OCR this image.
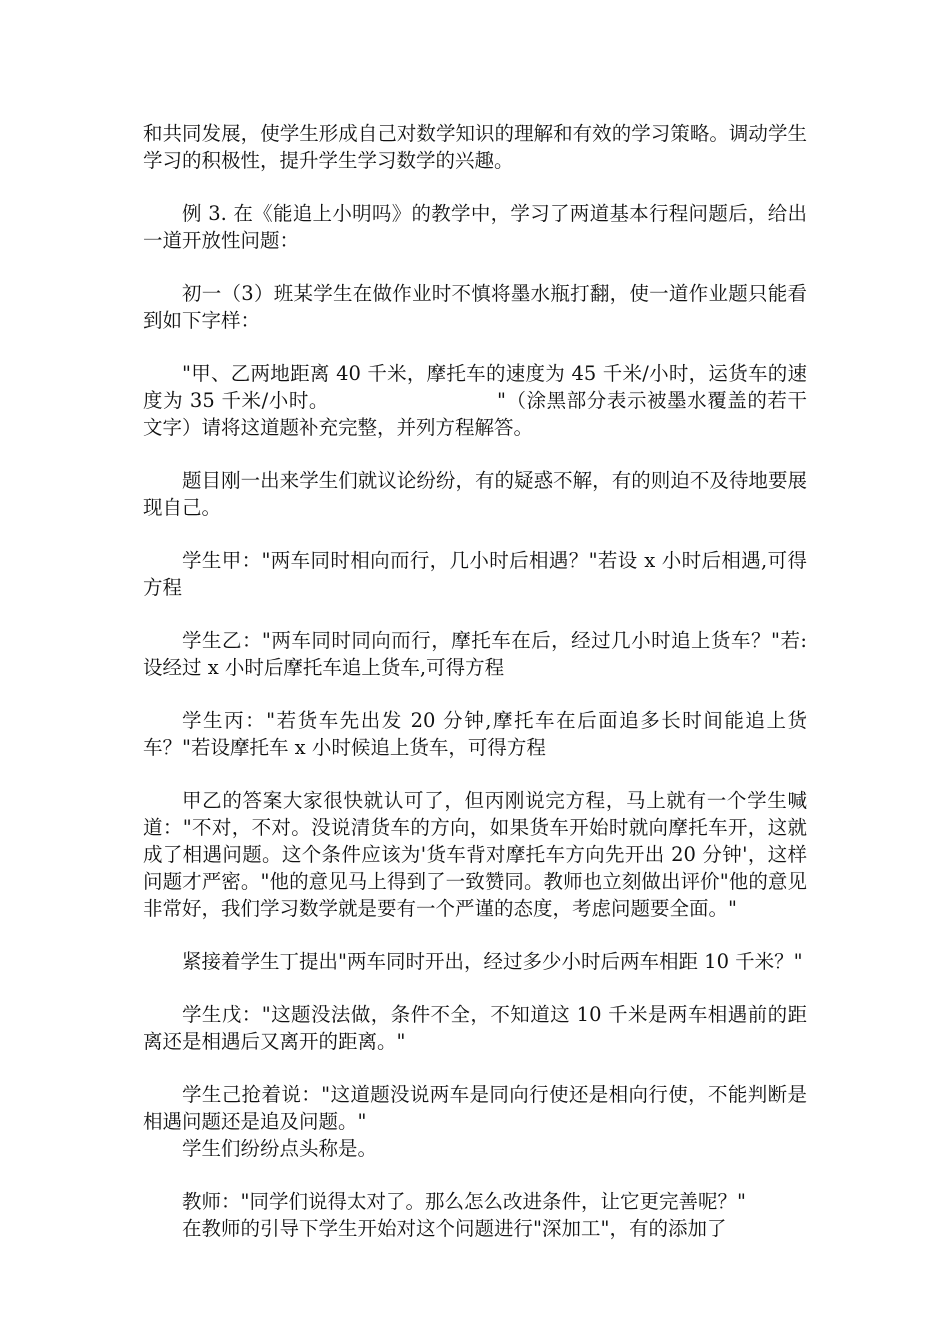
和共同发展，使学生形成自己对数学知识的理解和有效的学习策略。调动学生学习的积极性，提升学生学习数学的兴趣。

例 3. 在《能追上小明吗》的教学中，学习了两道基本行程问题后，给出一道开放性问题：

初一（3）班某学生在做作业时不慎将墨水瓶打翻，使一道作业题只能看到如下字样：

"甲、乙两地距离 40 千米，摩托车的速度为 45 千米/小时，运货车的速度为 35 千米/小时。	"（涂黑部分表示被墨水覆盖的若干文字）请将这道题补充完整，并列方程解答。

题目刚一出来学生们就议论纷纷，有的疑惑不解，有的则迫不及待地要展现自己。

学生甲："两车同时相向而行，几小时后相遇？"若设 x 小时后相遇,可得方程

学生乙："两车同时同向而行，摩托车在后，经过几小时追上货车？"若:设经过 x 小时后摩托车追上货车,可得方程

学生丙："若货车先出发 20 分钟,摩托车在后面追多长时间能追上货车？"若设摩托车 x 小时候追上货车，可得方程

甲乙的答案大家很快就认可了，但丙刚说完方程，马上就有一个学生喊道："不对，不对。没说清货车的方向，如果货车开始时就向摩托车开，这就成了相遇问题。这个条件应该为'货车背对摩托车方向先开出 20 分钟'，这样问题才严密。"他的意见马上得到了一致赞同。教师也立刻做出评价"他的意见非常好，我们学习数学就是要有一个严谨的态度，考虑问题要全面。"

紧接着学生丁提出"两车同时开出，经过多少小时后两车相距 10 千米？"

学生戊："这题没法做，条件不全，不知道这 10 千米是两车相遇前的距离还是相遇后又离开的距离。"

学生己抢着说："这道题没说两车是同向行使还是相向行使，不能判断是相遇问题还是追及问题。"

学生们纷纷点头称是。

教师："同学们说得太对了。那么怎么改进条件，让它更完善呢？"

在教师的引导下学生开始对这个问题进行"深加工"，有的添加了
